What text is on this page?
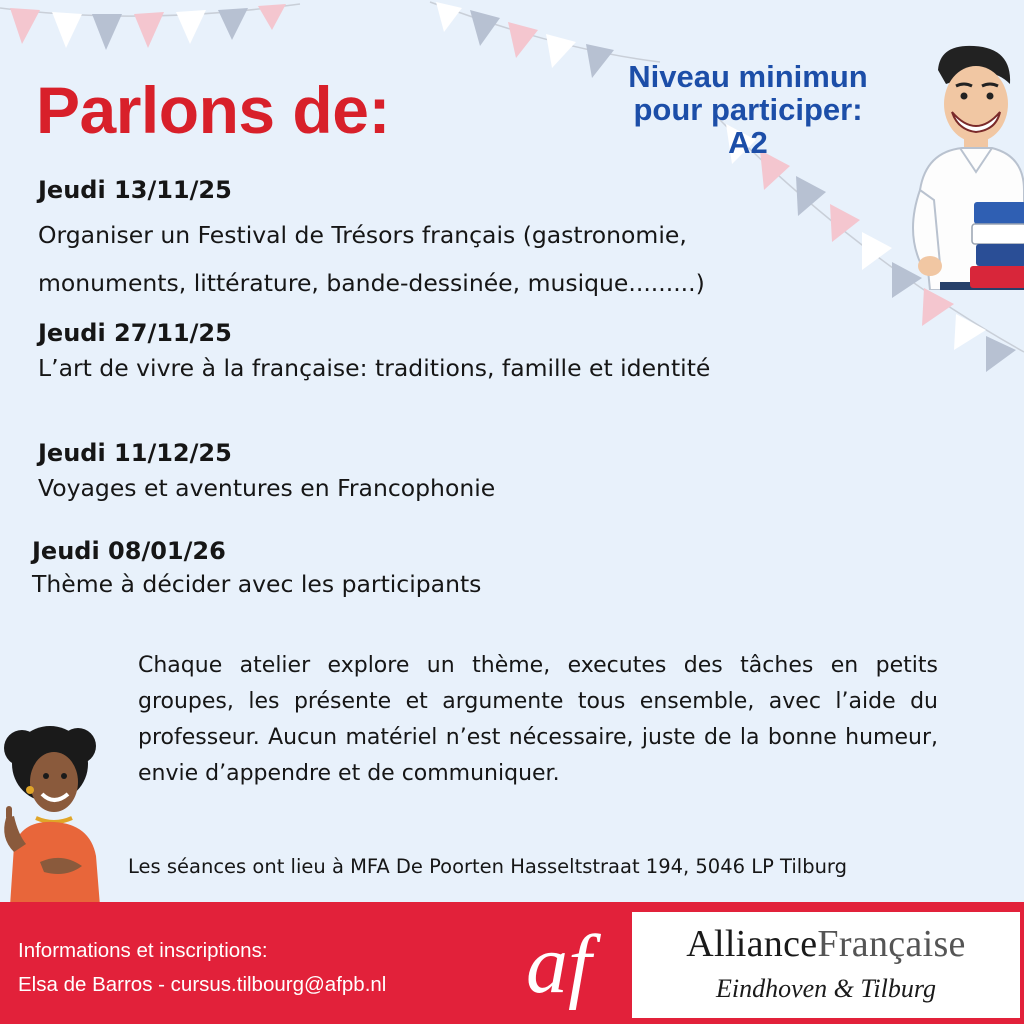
Parlons de:	Niveau minimun
pour participer:
A2
Jeudi 13/11/25
Organiser un Festival de Trésors français (gastronomie,
monuments, littérature, bande-dessinée, musique.........)
Jeudi 27/11/25
L’art de vivre à la française: traditions, famille et identité
Jeudi 11/12/25
Voyages et aventures en Francophonie
Jeudi 08/01/26
Thème à décider avec les participants
Chaque atelier explore un thème, executes des tâches en petits groupes, les présente et argumente tous ensemble, avec l’aide du professeur. Aucun matériel n’est nécessaire, juste de la bonne humeur, envie d’appendre et de communiquer.
Les séances ont lieu à MFA De Poorten Hasseltstraat 194, 5046 LP Tilburg
Informations et inscriptions:
Elsa de Barros - cursus.tilbourg@afpb.nl af	AllianceFrançaise
Eindhoven & Tilburg
